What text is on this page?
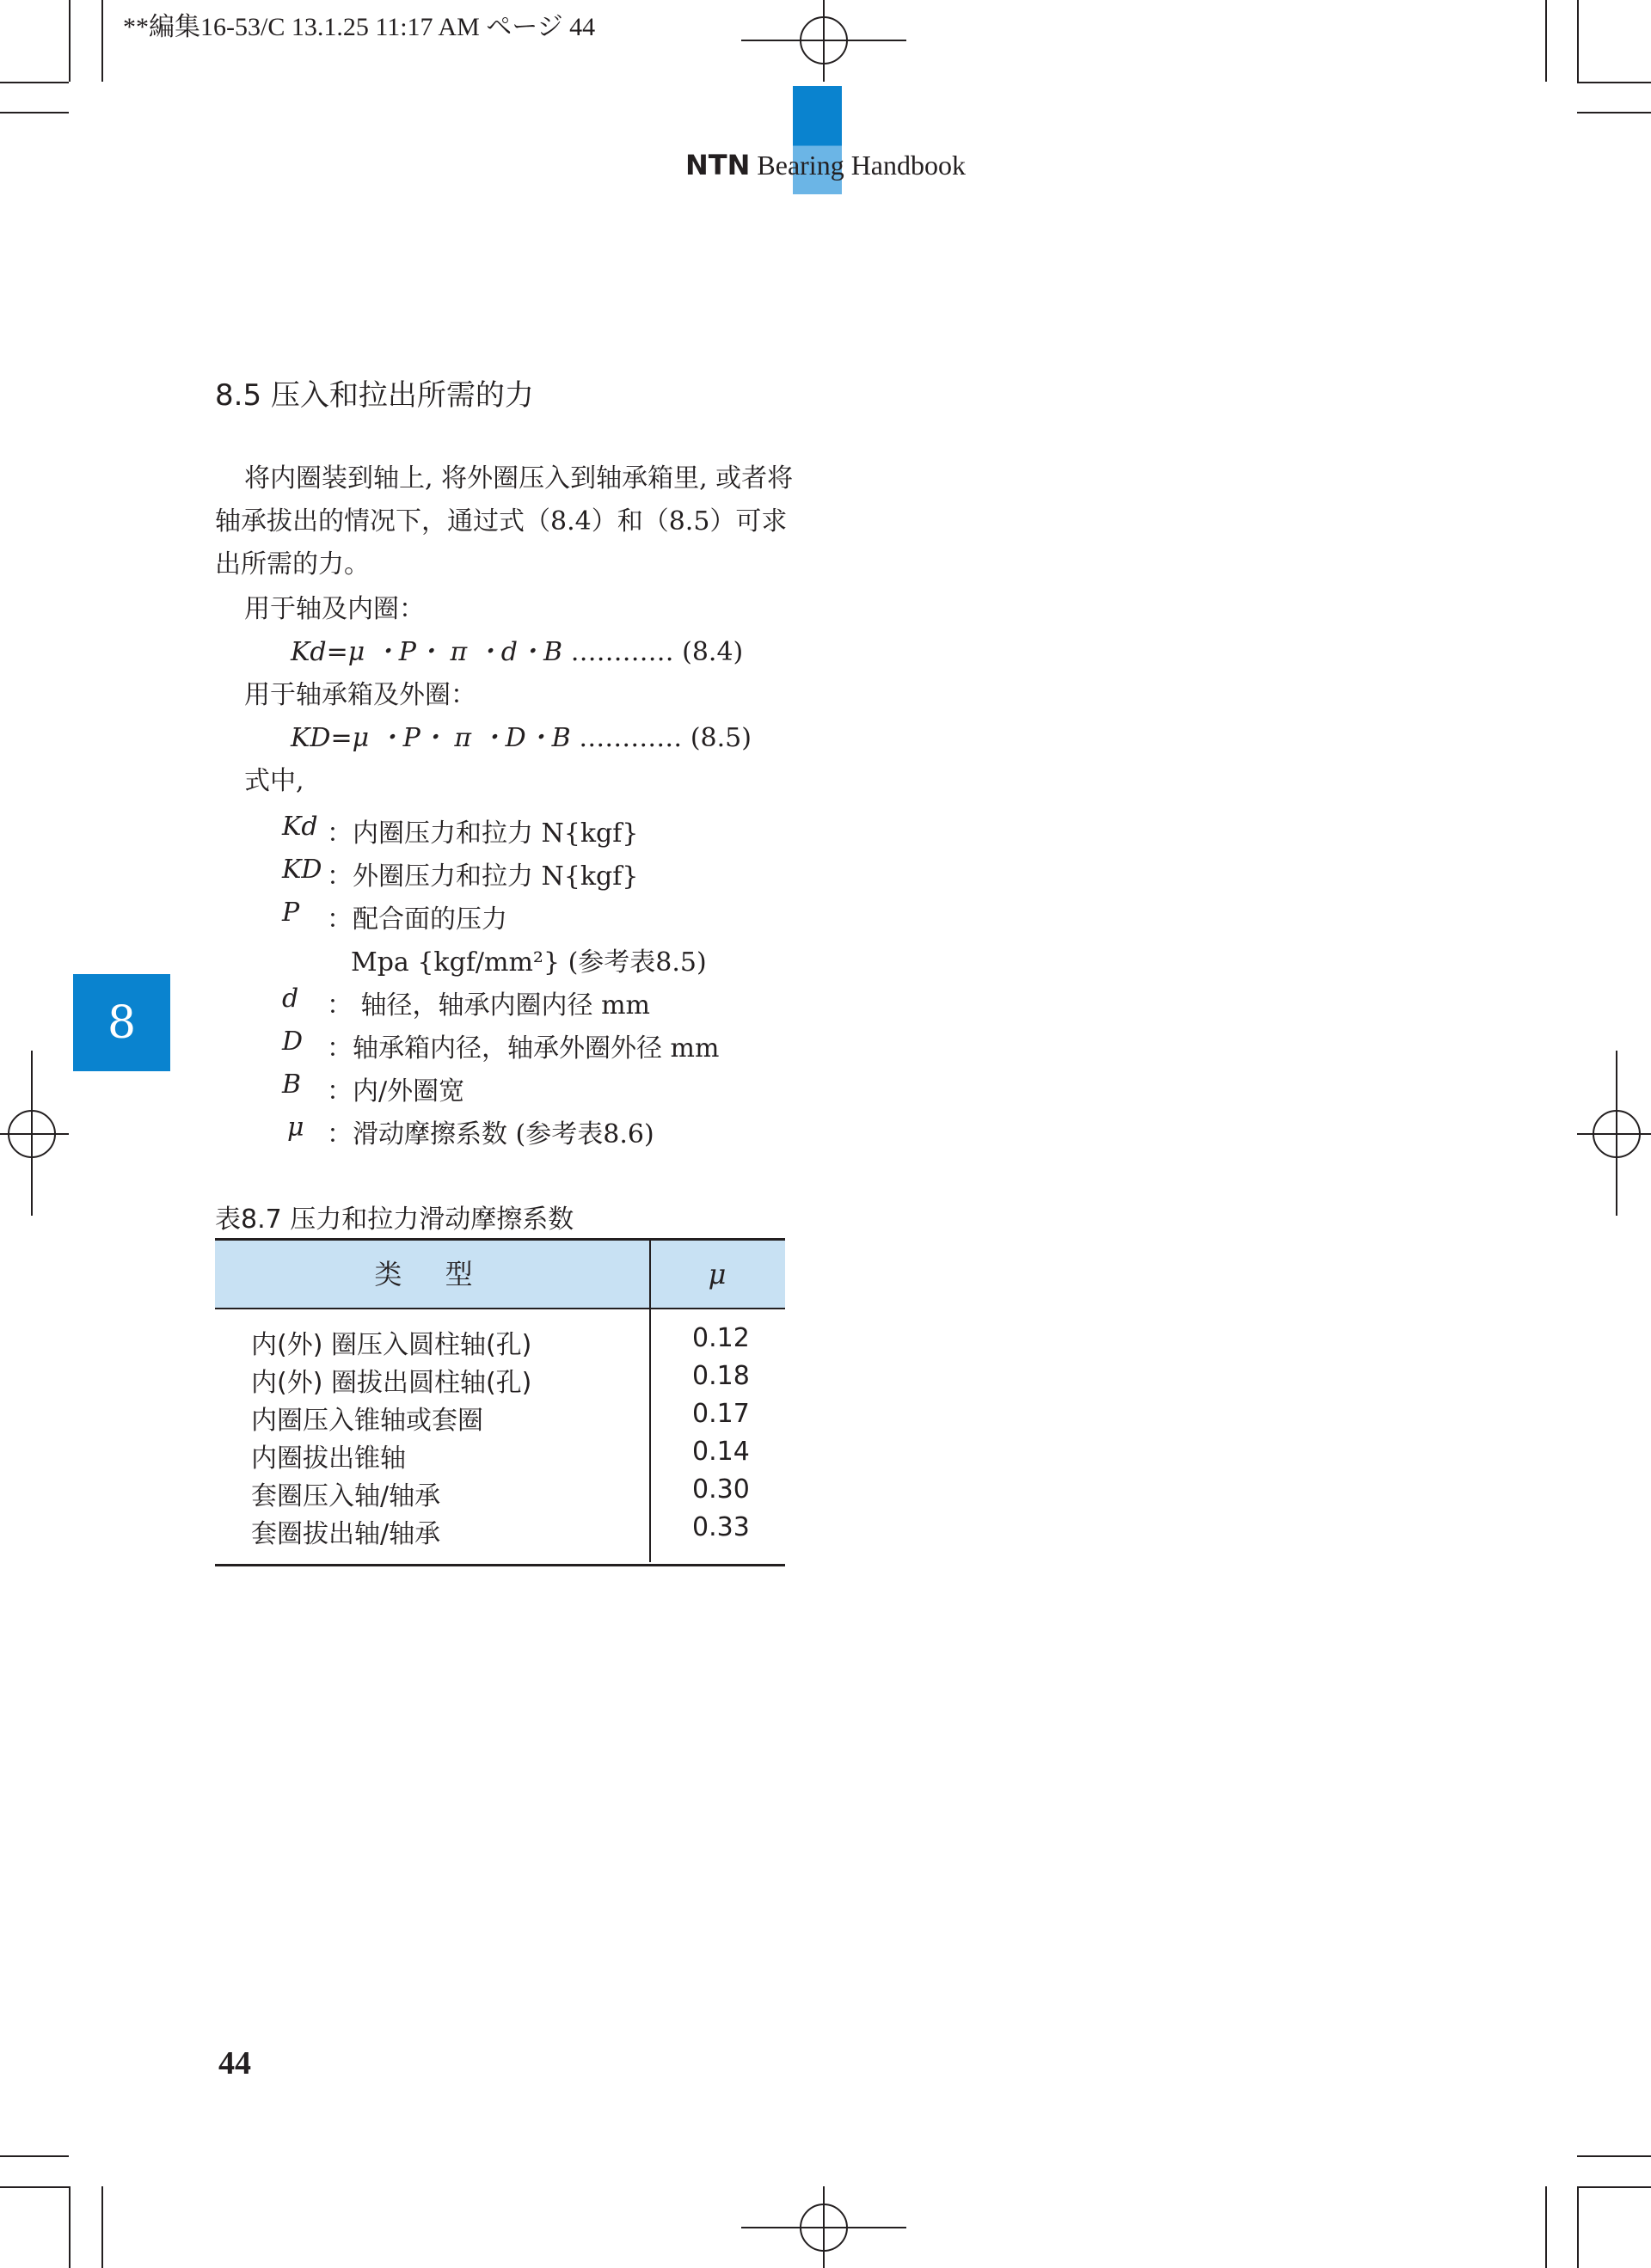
**編集16-53/C 13.1.25 11:17 AM ページ 44
NTN Bearing Handbook
8.5 压入和拉出所需的力

将内圈装到轴上, 将外圈压入到轴承箱里, 或者将轴承拔出的情况下，通过式（8.4）和（8.5）可求出所需的力。

用于轴及内圈：
Kd=μ ・P・ π ・d・B ………… (8.4)
用于轴承箱及外圈：
KD=μ ・P・ π ・D・B ………… (8.5)
式中,
Kd ：内圈压力和拉力 N{kgf}
KD ：外圈压力和拉力 N{kgf}
P ：配合面的压力
Mpa {kgf/mm²} (参考表8.5)
d ： 轴径，轴承内圈内径 mm
D ：轴承箱内径，轴承外圈外径 mm
B ：内/外圈宽
μ ：滑动摩擦系数 (参考表8.6)
8
表8.7 压力和拉力滑动摩擦系数
类 型	μ
内(外) 圈压入圆柱轴(孔)	0.12
内(外) 圈拔出圆柱轴(孔)	0.18
内圈压入锥轴或套圈	0.17
内圈拔出锥轴	0.14
套圈压入轴/轴承	0.30
套圈拔出轴/轴承	0.33
44
